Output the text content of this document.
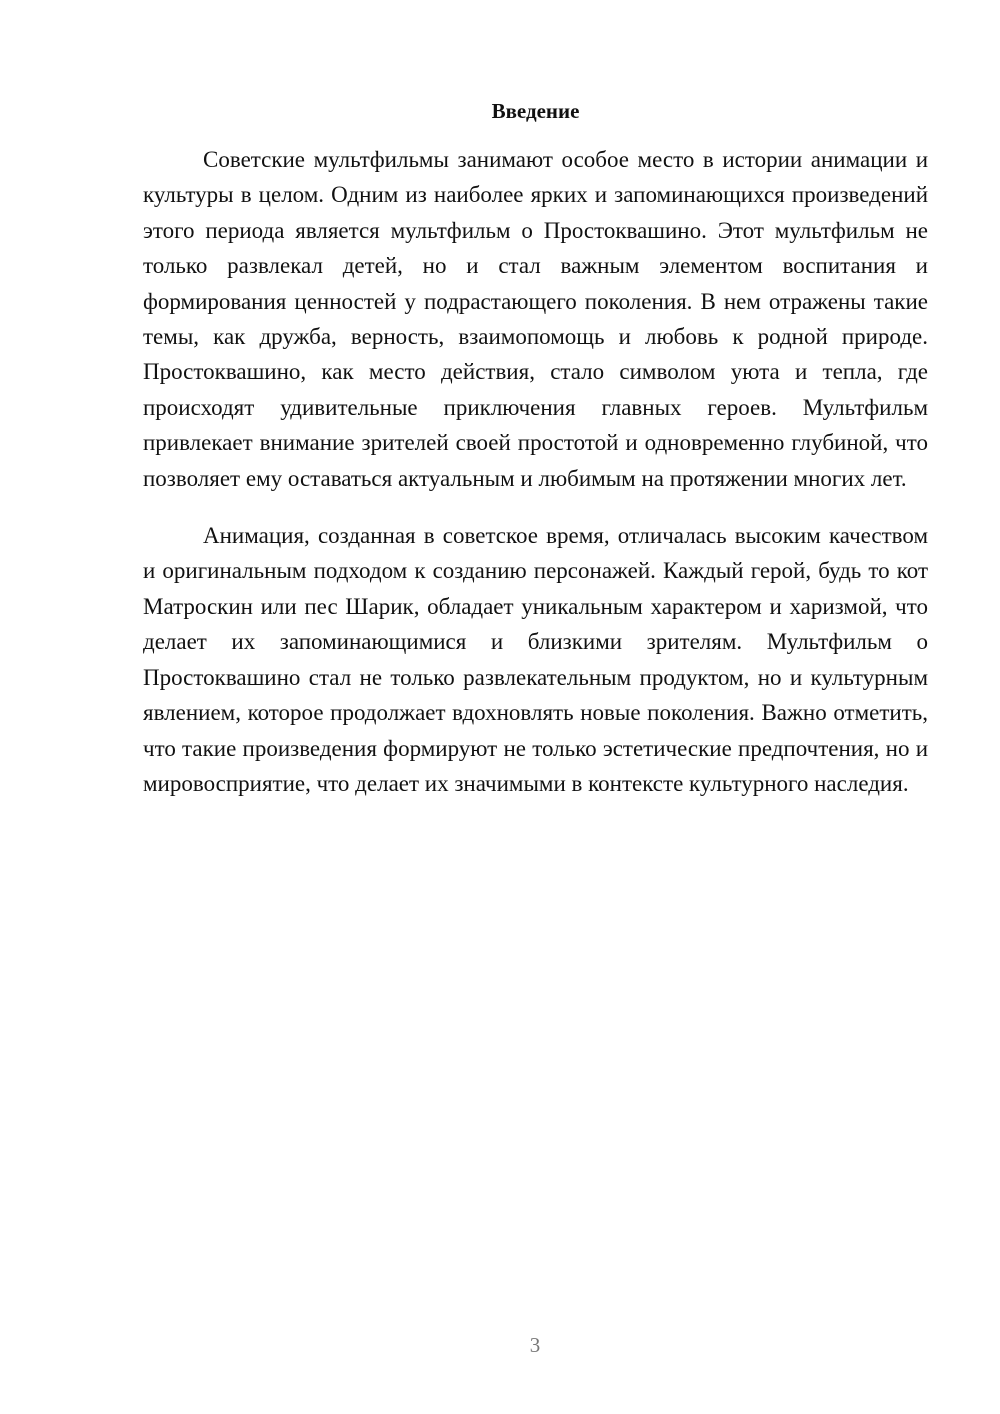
Введение

Советские мультфильмы занимают особое место в истории анимации и культуры в целом. Одним из наиболее ярких и запоминающихся произведений этого периода является мультфильм о Простоквашино. Этот мультфильм не только развлекал детей, но и стал важным элементом воспитания и формирования ценностей у подрастающего поколения. В нем отражены такие темы, как дружба, верность, взаимопомощь и любовь к родной природе. Простоквашино, как место действия, стало символом уюта и тепла, где происходят удивительные приключения главных героев. Мультфильм привлекает внимание зрителей своей простотой и одновременно глубиной, что позволяет ему оставаться актуальным и любимым на протяжении многих лет.

Анимация, созданная в советское время, отличалась высоким качеством и оригинальным подходом к созданию персонажей. Каждый герой, будь то кот Матроскин или пес Шарик, обладает уникальным характером и харизмой, что делает их запоминающимися и близкими зрителям. Мультфильм о Простоквашино стал не только развлекательным продуктом, но и культурным явлением, которое продолжает вдохновлять новые поколения. Важно отметить, что такие произведения формируют не только эстетические предпочтения, но и мировосприятие, что делает их значимыми в контексте культурного наследия.

3
